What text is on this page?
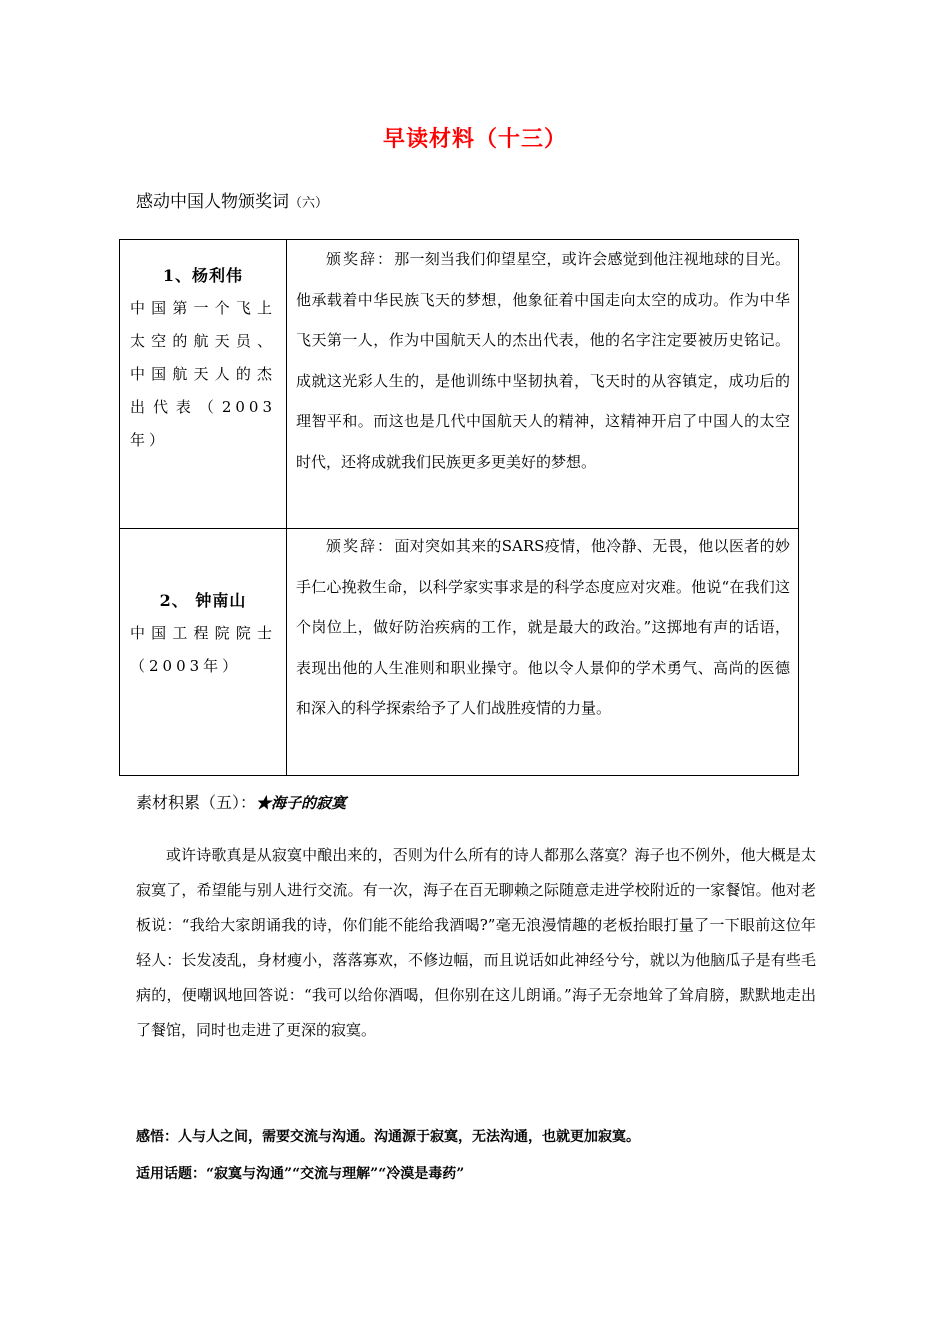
早读材料（十三）
感动中国人物颁奖词（六）
1、杨利伟
中国第一个飞上太空的航天员、中国航天人的杰出代表（2003年）	颁奖辞：那一刻当我们仰望星空，或许会感觉到他注视地球的目光。他承载着中华民族飞天的梦想，他象征着中国走向太空的成功。作为中华飞天第一人，作为中国航天人的杰出代表，他的名字注定要被历史铭记。成就这光彩人生的，是他训练中坚韧执着，飞天时的从容镇定，成功后的理智平和。而这也是几代中国航天人的精神，这精神开启了中国人的太空时代，还将成就我们民族更多更美好的梦想。

2、 钟南山
中国工程院院士（2003年）	颁奖辞：面对突如其来的SARS疫情，他冷静、无畏，他以医者的妙手仁心挽救生命，以科学家实事求是的科学态度应对灾难。他说“在我们这个岗位上，做好防治疾病的工作，就是最大的政治。”这掷地有声的话语，表现出他的人生准则和职业操守。他以令人景仰的学术勇气、高尚的医德和深入的科学探索给予了人们战胜疫情的力量。
素材积累（五）：★海子的寂寞

或许诗歌真是从寂寞中酿出来的，否则为什么所有的诗人都那么落寞？海子也不例外，他大概是太寂寞了，希望能与别人进行交流。有一次，海子在百无聊赖之际随意走进学校附近的一家餐馆。他对老板说：“我给大家朗诵我的诗，你们能不能给我酒喝?”毫无浪漫情趣的老板抬眼打量了一下眼前这位年轻人：长发凌乱，身材瘦小，落落寡欢，不修边幅，而且说话如此神经兮兮，就以为他脑瓜子是有些毛病的，便嘲讽地回答说：“我可以给你酒喝，但你别在这儿朗诵。”海子无奈地耸了耸肩膀，默默地走出了餐馆，同时也走进了更深的寂寞。

感悟：人与人之间，需要交流与沟通。沟通源于寂寞，无法沟通，也就更加寂寞。
适用话题：“寂寞与沟通”“交流与理解”“冷漠是毒药”
